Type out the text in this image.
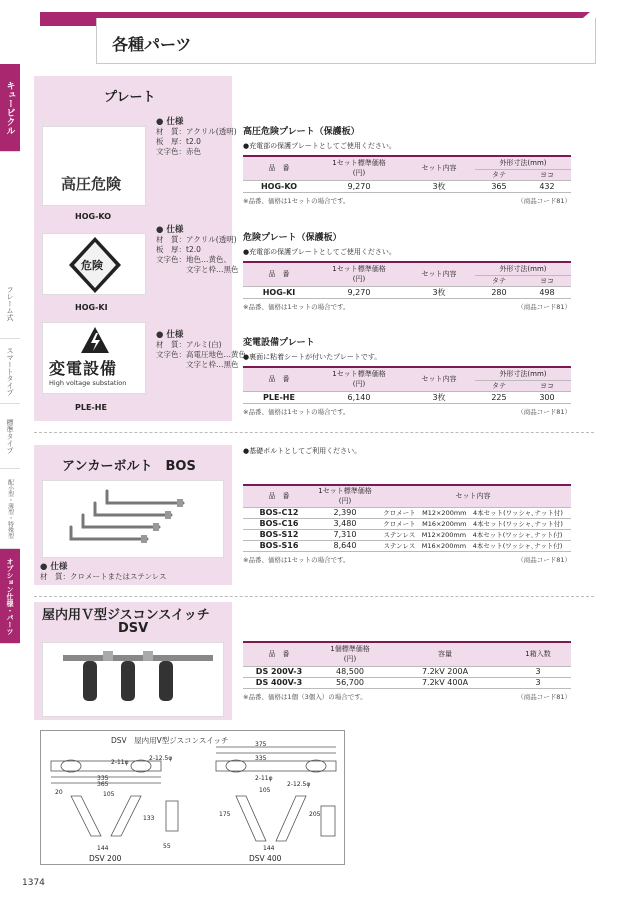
各種パーツ
キュービクル
フレーム式
スマートタイプ
標準タイプ
配小型・薄型・特殊型
オプション仕様・パーツ
プレート
高圧危険
HOG-KO
● 仕様
材　質：アクリル(透明)
板　厚：t2.0
文字色：赤色
危険
HOG-KI
● 仕様
材　質：アクリル(透明)
板　厚：t2.0
文字色：地色…黄色、
文字と枠…黒色
変電設備
High voltage substation
PLE-HE
● 仕様
材　質：アルミ(白)
文字色：高電圧地色…黄色、
文字と枠…黒色
高圧危険プレート（保護板）
●充電部の保護プレートとしてご使用ください。
品　番	1セット標準価格
(円)	セット内容	外形寸法(mm)	
			タテ	ヨコ
HOG-KO	9,270	3枚	365	432
※品番、価格は1セットの場合です。	（商品コード81）
危険プレート（保護板）
●充電部の保護プレートとしてご使用ください。
品　番	1セット標準価格
(円)	セット内容	外形寸法(mm)	
			タテ	ヨコ
HOG-KI	9,270	3枚	280	498
※品番、価格は1セットの場合です。	（商品コード81）
変電設備プレート
●裏面に粘着シートが付いたプレートです。
品　番	1セット標準価格
(円)	セット内容	外形寸法(mm)	
			タテ	ヨコ
PLE-HE	6,140	3枚	225	300
※品番、価格は1セットの場合です。	（商品コード81）
アンカーボルト　BOS
● 仕様
材　質：クロメートまたはステンレス
●基礎ボルトとしてご利用ください。
品　番	1セット標準価格
(円)	セット内容
BOS-C12	2,390	クロメート　M12×200mm　4本セット(ワッシャ､ナット付)
BOS-C16	3,480	クロメート　M16×200mm　4本セット(ワッシャ､ナット付)
BOS-S12	7,310	ステンレス　M12×200mm　4本セット(ワッシャ､ナット付)
BOS-S16	8,640	ステンレス　M16×200mm　4本セット(ワッシャ､ナット付)
※品番、価格は1セットの場合です。	（商品コード81）
屋内用Ｖ型ジスコンスイッチ
DSV
品　番	1個標準価格
(円)	容量	1箱入数
DS 200V-3	48,500	7.2kV 200A	3
DS 400V-3	56,700	7.2kV 400A	3
※品番、価格は1個（3個入）の場合です。	（商品コード81）
DSV　屋内用V型ジスコンスイッチ
2-11φ
2-12.5φ
335
365
20	105
144
133
55
375
335
2-11φ
105
2-12.5φ
175	205
144
DSV 200	DSV 400
1374
